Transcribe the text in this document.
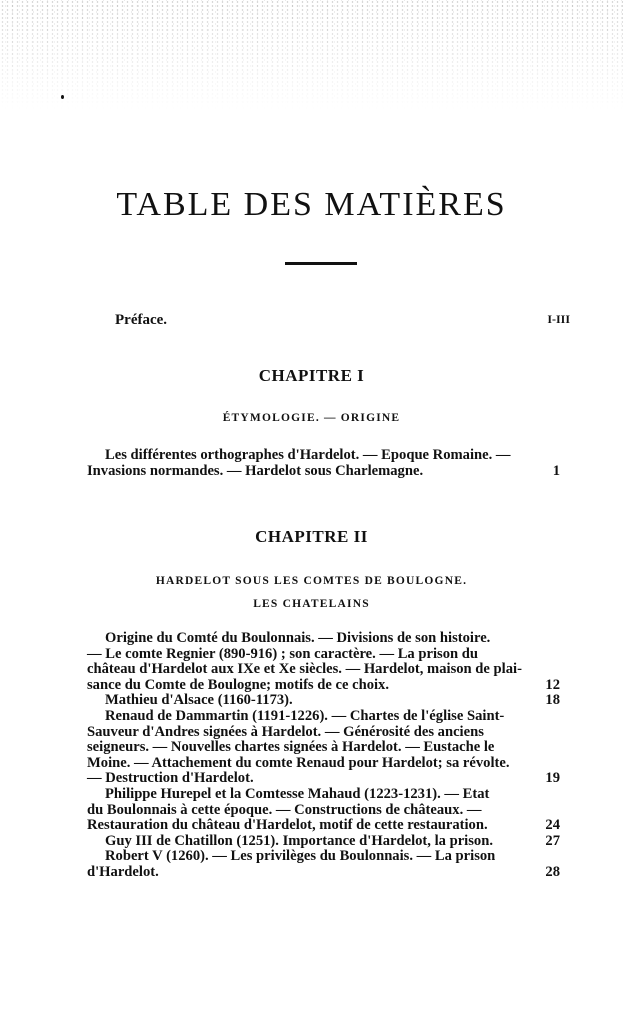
TABLE DES MATIÈRES
Préface.	I-III
CHAPITRE I
ÉTYMOLOGIE. — ORIGINE
Les différentes orthographes d'Hardelot. — Epoque Romaine. —
Invasions normandes. — Hardelot sous Charlemagne.	1
CHAPITRE II
HARDELOT SOUS LES COMTES DE BOULOGNE.
LES CHATELAINS
Origine du Comté du Boulonnais. — Divisions de son histoire.
— Le comte Regnier (890-916) ; son caractère. — La prison du
château d'Hardelot aux IXe et Xe siècles. — Hardelot, maison de plai-
sance du Comte de Boulogne; motifs de ce choix.	12
Mathieu d'Alsace (1160-1173).	18
Renaud de Dammartin (1191-1226). — Chartes de l'église Saint-
Sauveur d'Andres signées à Hardelot. — Générosité des anciens
seigneurs. — Nouvelles chartes signées à Hardelot. — Eustache le
Moine. — Attachement du comte Renaud pour Hardelot; sa révolte.
— Destruction d'Hardelot.	19
Philippe Hurepel et la Comtesse Mahaud (1223-1231). — Etat
du Boulonnais à cette époque. — Constructions de châteaux. —
Restauration du château d'Hardelot, motif de cette restauration.	24
Guy III de Chatillon (1251). Importance d'Hardelot, la prison.	27
Robert V (1260). — Les privilèges du Boulonnais. — La prison
d'Hardelot.	28
